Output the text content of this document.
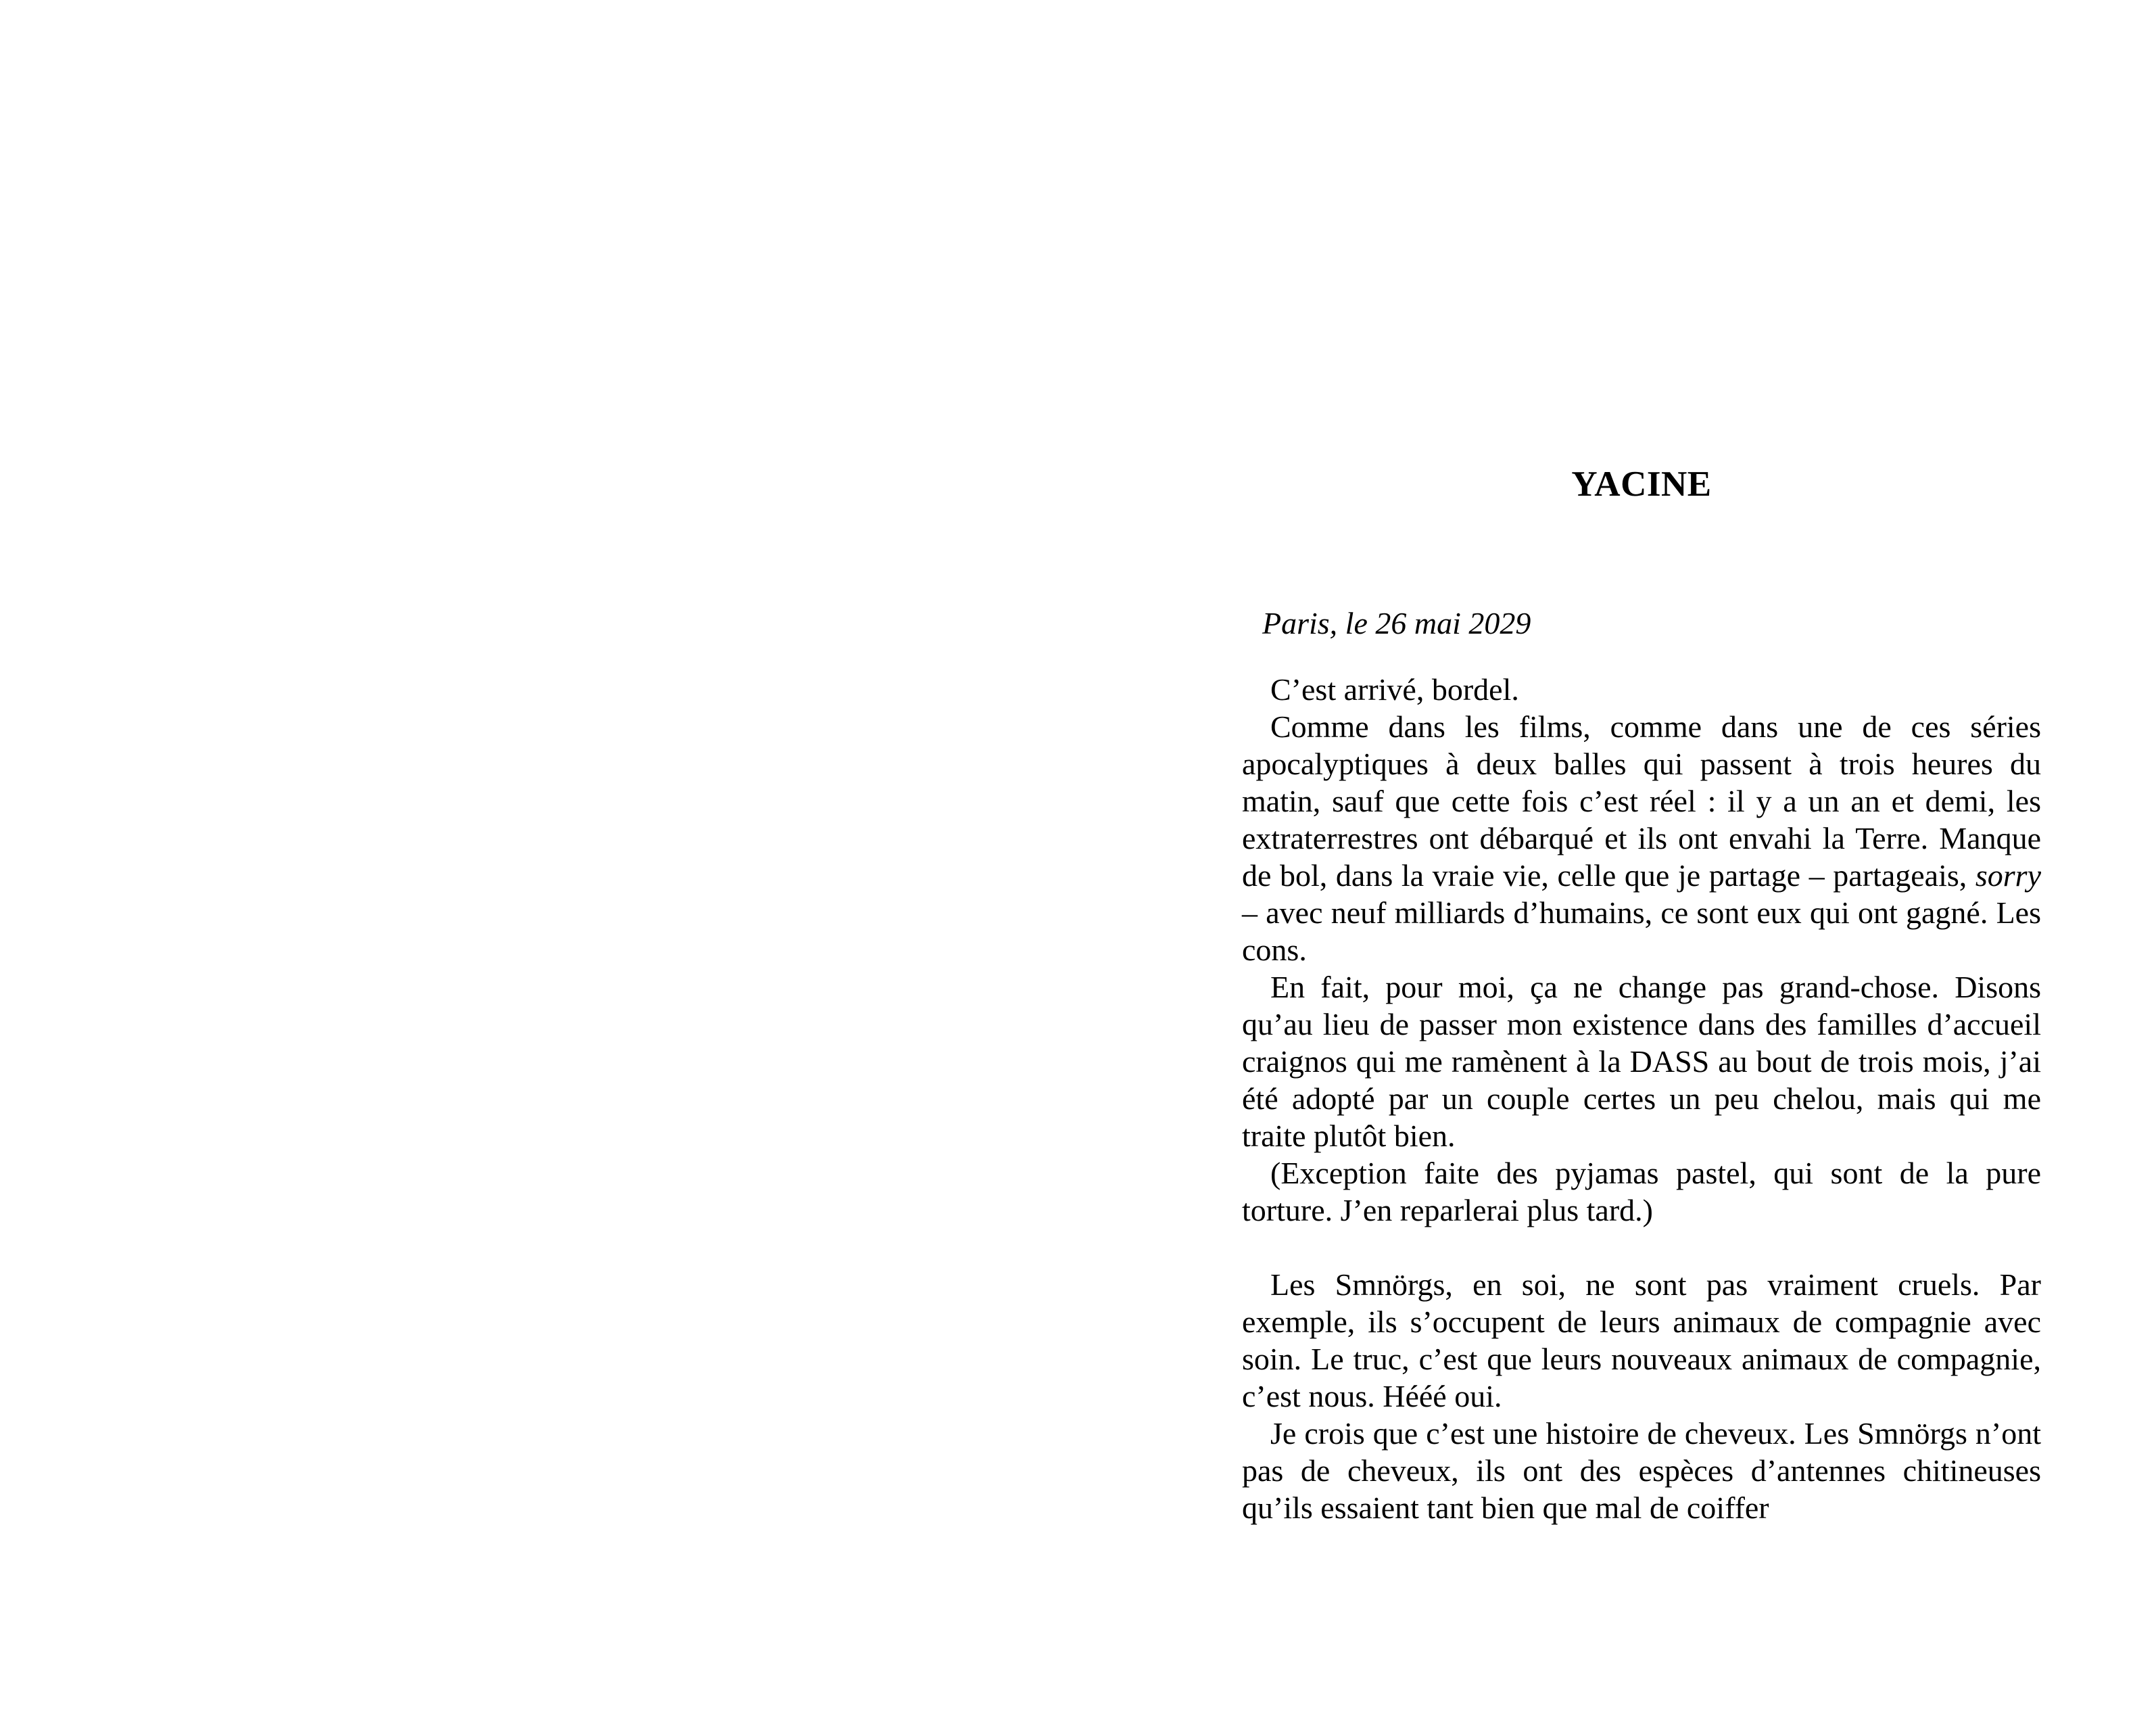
YACINE

Paris, le 26 mai 2029

C’est arrivé, bordel.

Comme dans les films, comme dans une de ces séries apocalyptiques à deux balles qui passent à trois heures du matin, sauf que cette fois c’est réel : il y a un an et demi, les extraterrestres ont débarqué et ils ont envahi la Terre. Manque de bol, dans la vraie vie, celle que je partage – partageais, sorry – avec neuf milliards d’humains, ce sont eux qui ont gagné. Les cons.

En fait, pour moi, ça ne change pas grand-chose. Disons qu’au lieu de passer mon existence dans des familles d’accueil craignos qui me ramènent à la DASS au bout de trois mois, j’ai été adopté par un couple certes un peu chelou, mais qui me traite plutôt bien.

(Exception faite des pyjamas pastel, qui sont de la pure torture. J’en reparlerai plus tard.)

Les Smnörgs, en soi, ne sont pas vraiment cruels. Par exemple, ils s’occupent de leurs animaux de compagnie avec soin. Le truc, c’est que leurs nouveaux animaux de compagnie, c’est nous. Hééé oui.

Je crois que c’est une histoire de cheveux. Les Smnörgs n’ont pas de cheveux, ils ont des espèces d’antennes chitineuses qu’ils essaient tant bien que mal de coiffer
